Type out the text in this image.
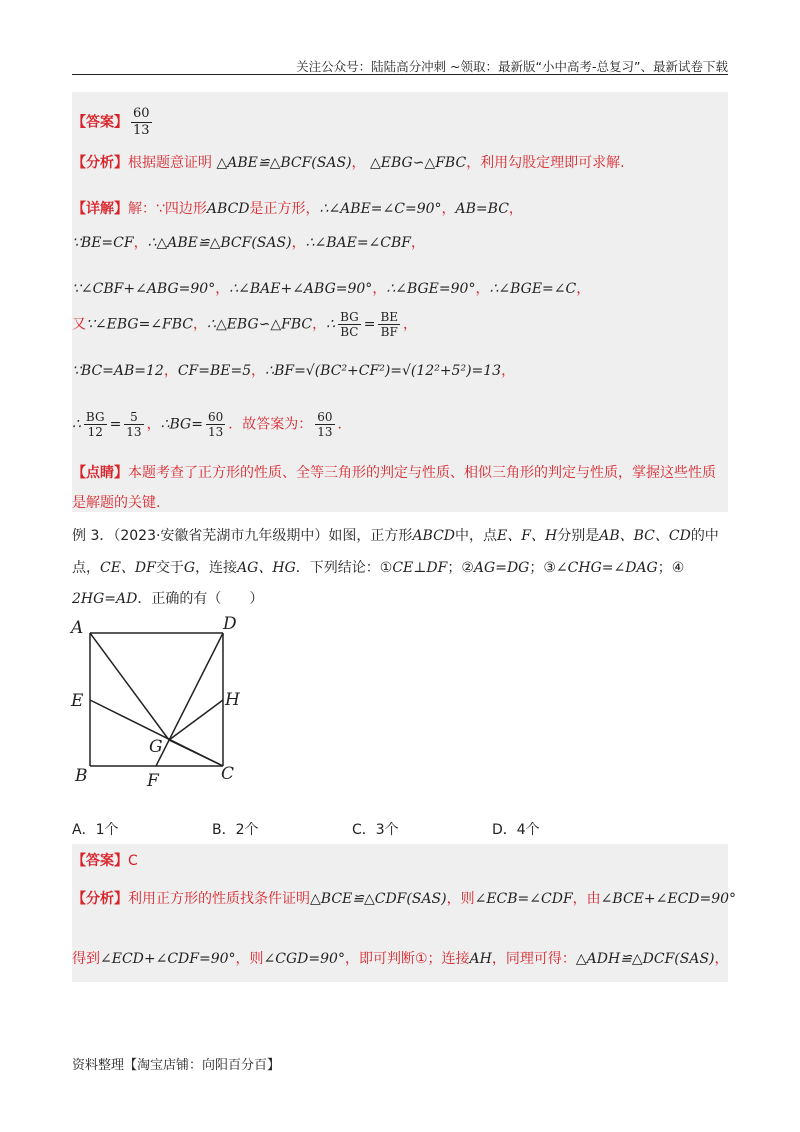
关注公众号：陆陆高分冲刺 ~领取：最新版“小中高考-总复习”、最新试卷下载
【答案】 $\frac{60}{13}$
【分析】根据题意证明 △ABE≌△BCF(SAS)， △EBG∽△FBC，利用勾股定理即可求解.
【详解】解：∵四边形ABCD是正方形，∴∠ABE=∠C=90°，AB=BC，
∵BE=CF，∴△ABE≌△BCF(SAS)，∴∠BAE=∠CBF，
∵∠CBF+∠ABG=90°，∴∠BAE+∠ABG=90°，∴∠BGE=90°，∴∠BGE=∠C，
又∵∠EBG=∠FBC，∴△EBG∽△FBC，∴ $\frac{BG}{BC} = \frac{BE}{BF}$ ，
∵BC=AB=12，CF=BE=5，∴BF=√(BC²+CF²)=√(12²+5²)=13，
∴ $\frac{BG}{12} = \frac{5}{13}$ ，∴BG= $\frac{60}{13}$ ．故答案为： $\frac{60}{13}$ ．
【点睛】本题考查了正方形的性质、全等三角形的判定与性质、相似三角形的判定与性质，掌握这些性质
是解题的关键.
例 3．（2023·安徽省芜湖市九年级期中）如图，正方形ABCD中，点E、F、H分别是AB、BC、CD的中
点，CE、DF交于G，连接AG、HG．下列结论：①CE⊥DF；②AG=DG；③∠CHG=∠DAG；④
2HG=AD．正确的有（　　）
A	D
E	H
G
B	F	C
A．1个	B．2个	C．3个	D．4个
【答案】C
【分析】利用正方形的性质找条件证明△BCE≌△CDF(SAS)，则∠ECB=∠CDF，由∠BCE+∠ECD=90°
得到∠ECD+∠CDF=90°，则∠CGD=90°，即可判断①；连接AH，同理可得：△ADH≌△DCF(SAS)，
资料整理【淘宝店铺：向阳百分百】
